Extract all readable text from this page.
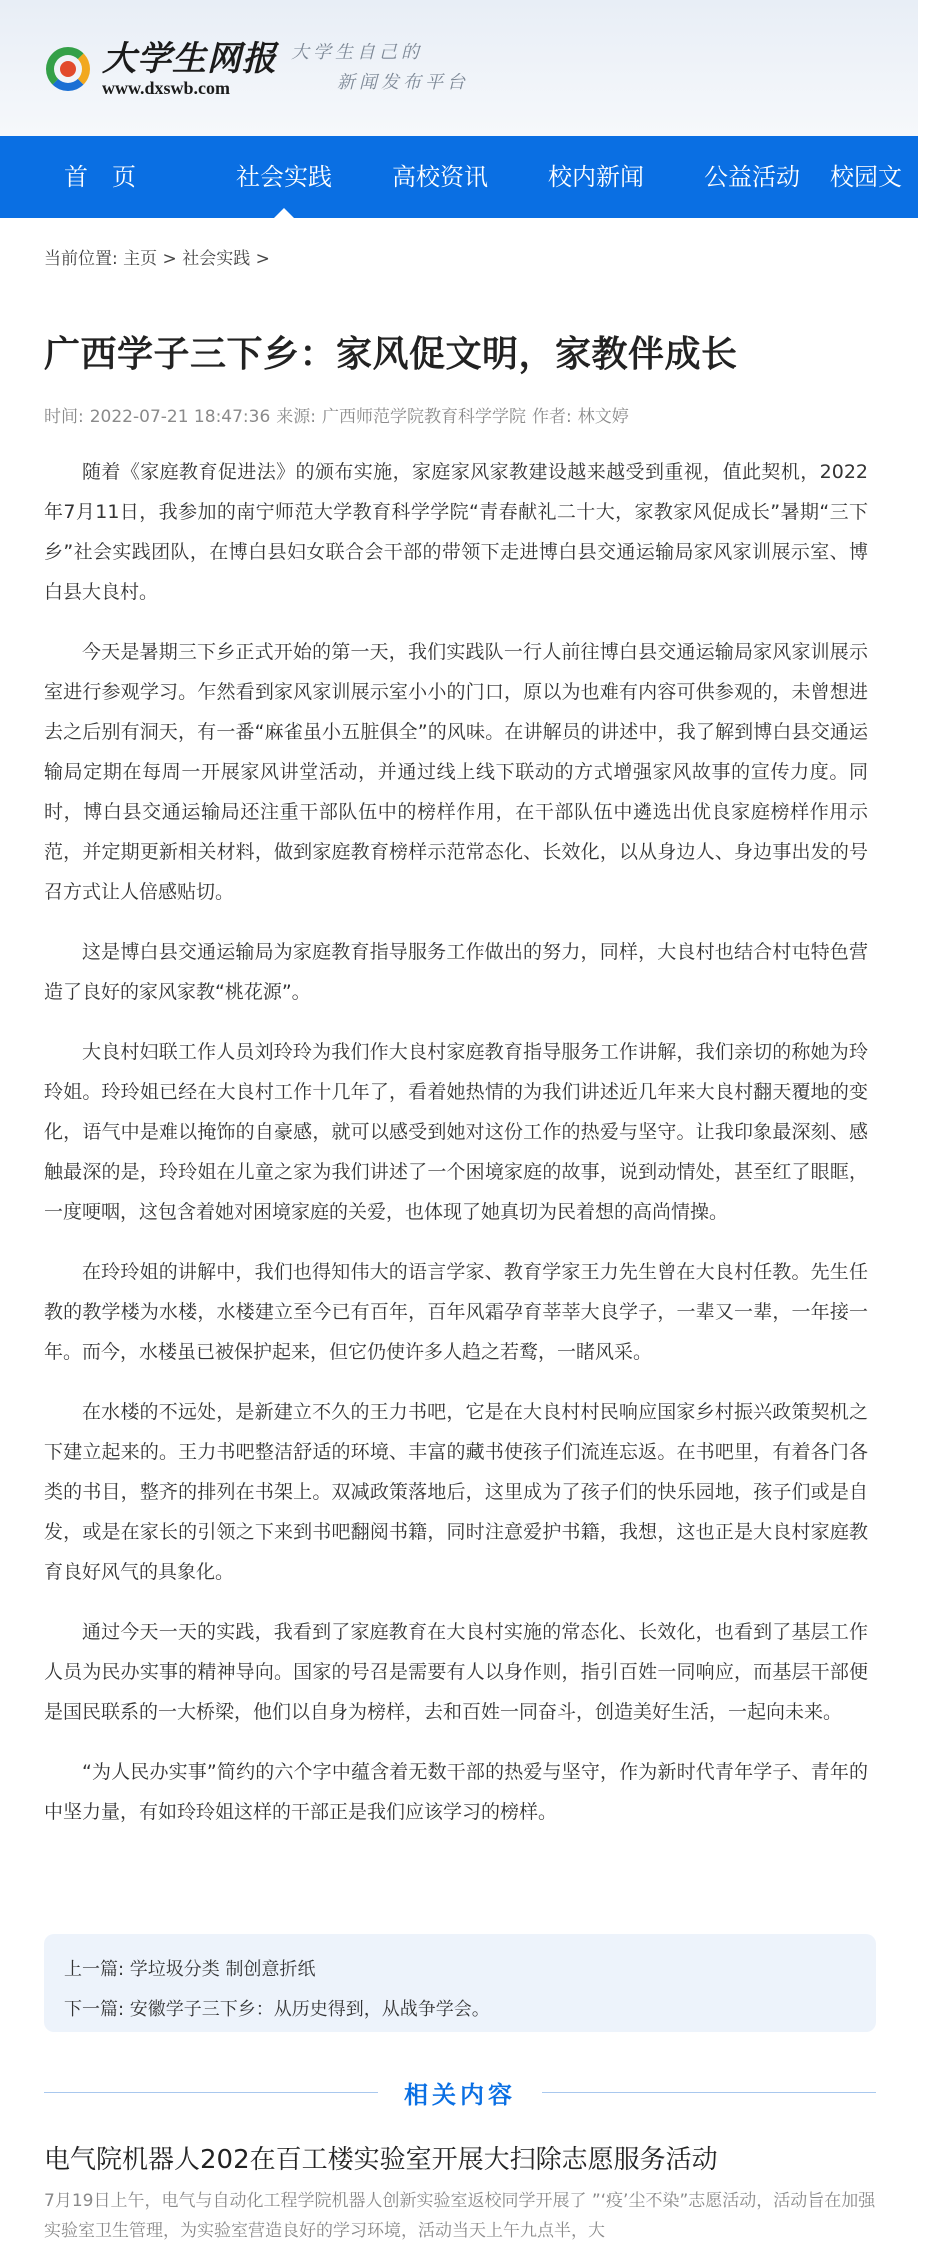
大学生网报
www.dxswb.com
大学生自己的
新闻发布平台
首　页	社会实践	高校资讯	校内新闻	公益活动	校园文
当前位置: 主页 > 社会实践 >
广西学子三下乡：家风促文明，家教伴成长
时间: 2022-07-21 18:47:36 来源: 广西师范学院教育科学学院 作者: 林文婷

随着《家庭教育促进法》的颁布实施，家庭家风家教建设越来越受到重视，值此契机，2022年7月11日，我参加的南宁师范大学教育科学学院“青春献礼二十大，家教家风促成长”暑期“三下乡”社会实践团队，在博白县妇女联合会干部的带领下走进博白县交通运输局家风家训展示室、博白县大良村。

今天是暑期三下乡正式开始的第一天，我们实践队一行人前往博白县交通运输局家风家训展示室进行参观学习。乍然看到家风家训展示室小小的门口，原以为也难有内容可供参观的，未曾想进去之后别有洞天，有一番“麻雀虽小五脏俱全”的风味。在讲解员的讲述中，我了解到博白县交通运输局定期在每周一开展家风讲堂活动，并通过线上线下联动的方式增强家风故事的宣传力度。同时，博白县交通运输局还注重干部队伍中的榜样作用，在干部队伍中遴选出优良家庭榜样作用示范，并定期更新相关材料，做到家庭教育榜样示范常态化、长效化，以从身边人、身边事出发的号召方式让人倍感贴切。

这是博白县交通运输局为家庭教育指导服务工作做出的努力，同样，大良村也结合村屯特色营造了良好的家风家教“桃花源”。

大良村妇联工作人员刘玲玲为我们作大良村家庭教育指导服务工作讲解，我们亲切的称她为玲玲姐。玲玲姐已经在大良村工作十几年了，看着她热情的为我们讲述近几年来大良村翻天覆地的变化，语气中是难以掩饰的自豪感，就可以感受到她对这份工作的热爱与坚守。让我印象最深刻、感触最深的是，玲玲姐在儿童之家为我们讲述了一个困境家庭的故事，说到动情处，甚至红了眼眶，一度哽咽，这包含着她对困境家庭的关爱，也体现了她真切为民着想的高尚情操。

在玲玲姐的讲解中，我们也得知伟大的语言学家、教育学家王力先生曾在大良村任教。先生任教的教学楼为水楼，水楼建立至今已有百年，百年风霜孕育莘莘大良学子，一辈又一辈，一年接一年。而今，水楼虽已被保护起来，但它仍使许多人趋之若鹜，一睹风采。

在水楼的不远处，是新建立不久的王力书吧，它是在大良村村民响应国家乡村振兴政策契机之下建立起来的。王力书吧整洁舒适的环境、丰富的藏书使孩子们流连忘返。在书吧里，有着各门各类的书目，整齐的排列在书架上。双减政策落地后，这里成为了孩子们的快乐园地，孩子们或是自发，或是在家长的引领之下来到书吧翻阅书籍，同时注意爱护书籍，我想，这也正是大良村家庭教育良好风气的具象化。

通过今天一天的实践，我看到了家庭教育在大良村实施的常态化、长效化，也看到了基层工作人员为民办实事的精神导向。国家的号召是需要有人以身作则，指引百姓一同响应，而基层干部便是国民联系的一大桥梁，他们以自身为榜样，去和百姓一同奋斗，创造美好生活，一起向未来。

“为人民办实事”简约的六个字中蕴含着无数干部的热爱与坚守，作为新时代青年学子、青年的中坚力量，有如玲玲姐这样的干部正是我们应该学习的榜样。

上一篇: 学垃圾分类 制创意折纸
下一篇: 安徽学子三下乡：从历史得到，从战争学会。
相关内容
电气院机器人202在百工楼实验室开展大扫除志愿服务活动
7月19日上午，电气与自动化工程学院机器人创新实验室返校同学开展了 ”‘疫’尘不染”志愿活动，活动旨在加强实验室卫生管理，为实验室营造良好的学习环境，活动当天上午九点半，大
